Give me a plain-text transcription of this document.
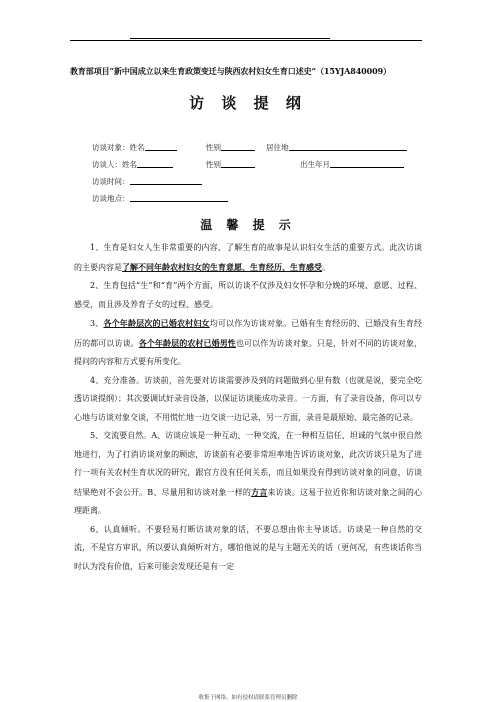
教育部项目“新中国成立以来生育政策变迁与陕西农村妇女生育口述史”（15YJA840009）
访 谈 提 纲
访谈对象：姓名	性别	居住地
访谈人：姓名	性别	出生年月
访谈时间：
访谈地点：
温 馨 提 示

1、生育是妇女人生非常重要的内容，了解生育的故事是认识妇女生活的重要方式。此次访谈的主要内容是了解不同年龄农村妇女的生育意愿、生育经历、生育感受。

2、生育包括“生”和“育”两个方面，所以访谈不仅涉及妇女怀孕和分娩的环境、意愿、过程、感受，而且涉及养育子女的过程、感受。

3、各个年龄层次的已婚农村妇女均可以作为访谈对象。已婚有生育经历的、已婚没有生育经历的都可以访谈。各个年龄层的农村已婚男性也可以作为访谈对象。只是，针对不同的访谈对象，提问的内容和方式要有所变化。

4、充分准备。访谈前，首先要对访谈需要涉及到的问题做到心里有数（也就是说，要完全吃透访谈提纲）；其次要调试好录音设备，以保证访谈能成功录音。一方面，有了录音设备，你可以专心地与访谈对象交谈，不用慌忙地一边交谈一边记录，另一方面，录音是最原始、最完备的记录。

5、交流要自然。A、访谈应该是一种互动、一种交流，在一种相互信任、坦诚的气氛中很自然地进行，为了打消访谈对象的顾虑，访谈前有必要非常坦率地告诉访谈对象，此次访谈只是为了进行一项有关农村生育状况的研究，跟官方没有任何关系，而且如果没有得到访谈对象的同意，访谈结果绝对不会公开。B、尽量用和访谈对象一样的方言来访谈。这易于拉近你和访谈对象之间的心理距离。

6、认真倾听。不要轻易打断访谈对象的话，不要总想由你主导谈话。访谈是一种自然的交流，不是官方审讯，所以要认真倾听对方，哪怕他说的是与主题无关的话（更何况，有些谈话你当时认为没有价值，后来可能会发现还是有一定

收集于网络，如有侵权请联系管理员删除
